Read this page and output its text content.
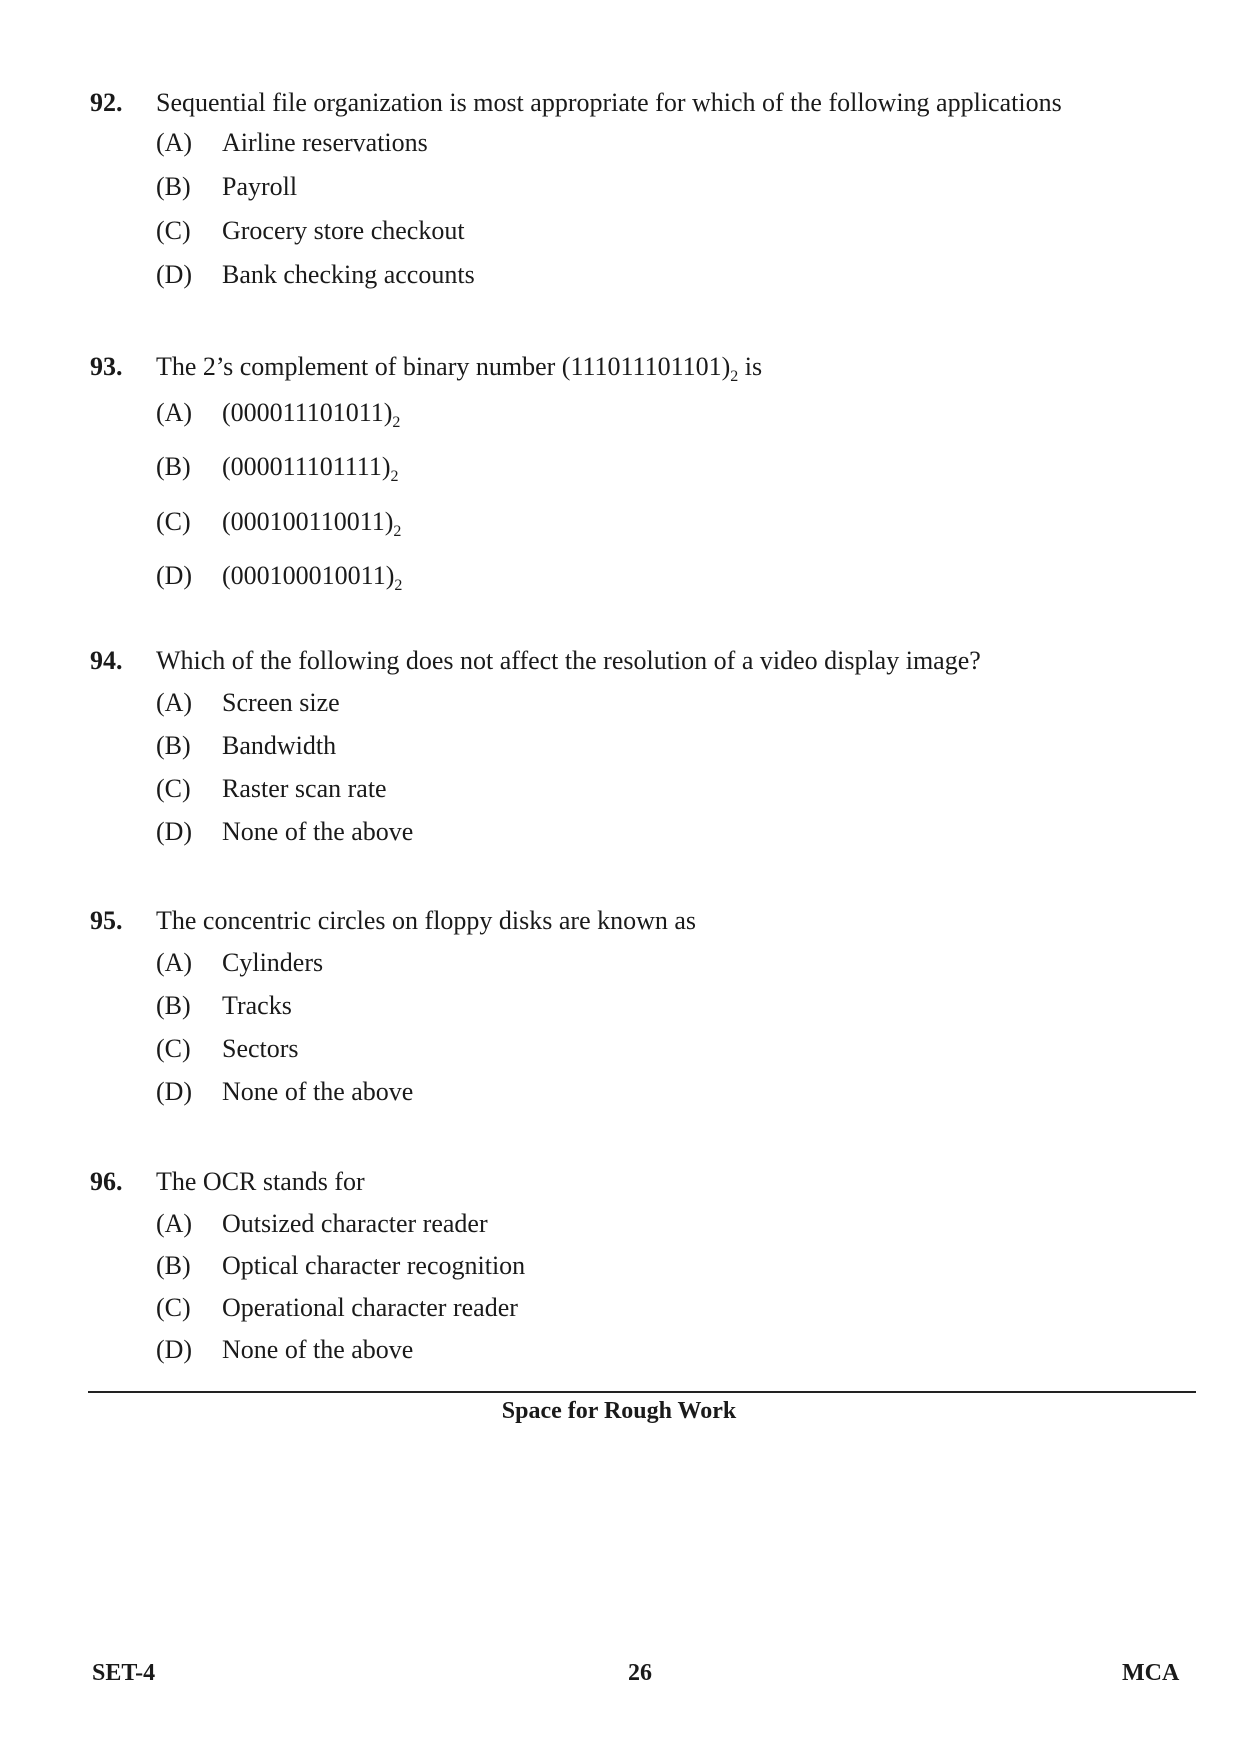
92.	Sequential file organization is most appropriate for which of the following applications
(A)	Airline reservations
(B)	Payroll
(C)	Grocery store checkout
(D)	Bank checking accounts
93.	The 2’s complement of binary number $(111011101101)_2$ is
(A)	$(000011101011)_2$
(B)	$(000011101111)_2$
(C)	$(000100110011)_2$
(D)	$(000100010011)_2$
94.	Which of the following does not affect the resolution of a video display image?
(A)	Screen size
(B)	Bandwidth
(C)	Raster scan rate
(D)	None of the above
95.	The concentric circles on floppy disks are known as
(A)	Cylinders
(B)	Tracks
(C)	Sectors
(D)	None of the above
96.	The OCR stands for
(A)	Outsized character reader
(B)	Optical character recognition
(C)	Operational character reader
(D)	None of the above
Space for Rough Work
SET-4	26	MCA
